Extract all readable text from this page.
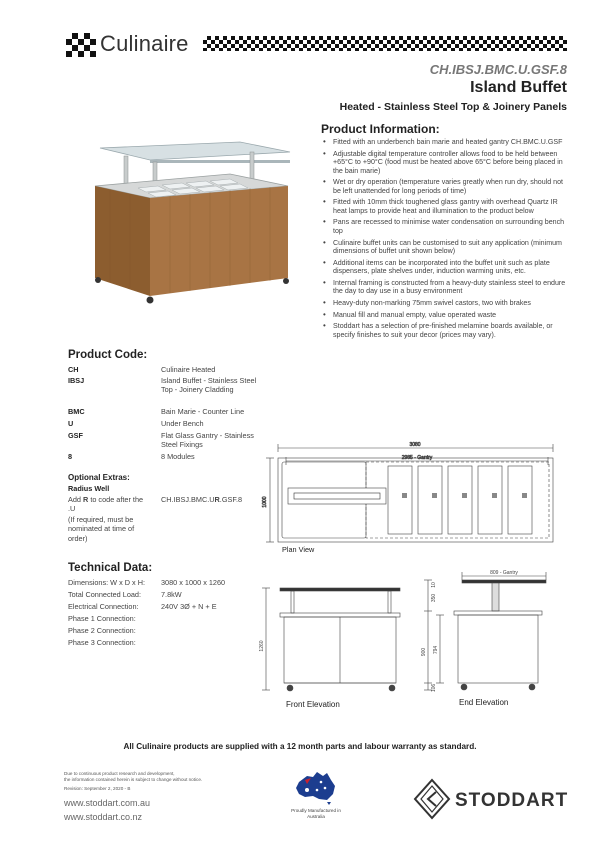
Culinaire
CH.IBSJ.BMC.U.GSF.8
Island Buffet
Heated - Stainless Steel Top & Joinery Panels
Product Information:
• Fitted with an underbench bain marie and heated gantry CH.BMC.U.GSF
• Adjustable digital temperature controller allows food to be held between +65°C to +90°C (food must be heated above 65°C before being placed in the bain marie)
• Wet or dry operation (temperature varies greatly when run dry, should not be left unattended for long periods of time)
• Fitted with 10mm thick toughened glass gantry with overhead Quartz IR heat lamps to provide heat and illumination to the product below
• Pans are recessed to minimise water condensation on surrounding bench top
• Culinaire buffet units can be customised to suit any application (minimum dimensions of buffet unit shown below)
• Additional items can be incorporated into the buffet unit such as plate dispensers, plate shelves under, induction warming units, etc.
• Internal framing is constructed from a heavy-duty stainless steel to endure the day to day use in a busy environment
• Heavy-duty non-marking 75mm swivel castors, two with brakes
• Manual fill and manual empty, value operated waste
• Stoddart has a selection of pre-finished melamine boards available, or specify finishes to suit your decor (prices may vary).
Product Code:
CH	Culinaire Heated
IBSJ	Island Buffet - Stainless Steel Top - Joinery Cladding
BMC	Bain Marie - Counter Line
U	Under Bench
GSF	Flat Glass Gantry - Stainless Steel Fixings
8	8 Modules
Optional Extras:
Radius Well
Add R to code after the .U
(If required, must be nominated at time of order)
CH.IBSJ.BMC.UR.GSF.8
Technical Data:
Dimensions: W x D x H:	3080 x 1000 x 1260
Total Connected Load:	7.8kW
Electrical Connection:	240V 3Ø + N + E
Phase 1 Connection:
Phase 2 Connection:
Phase 3 Connection:
3080
2985 - Gantry
1000
Plan View
1260
Front Elevation
809 - Gantry
10
350
900 794
106
End Elevation
All Culinaire products are supplied with a 12 month parts and labour warranty as standard.
Due to continuous product research and development,
the information contained herein is subject to change without notice.
Revision: September 2, 2020 - B
www.stoddart.com.au
www.stoddart.co.nz
Proudly Manufactured in Australia
STODDART
